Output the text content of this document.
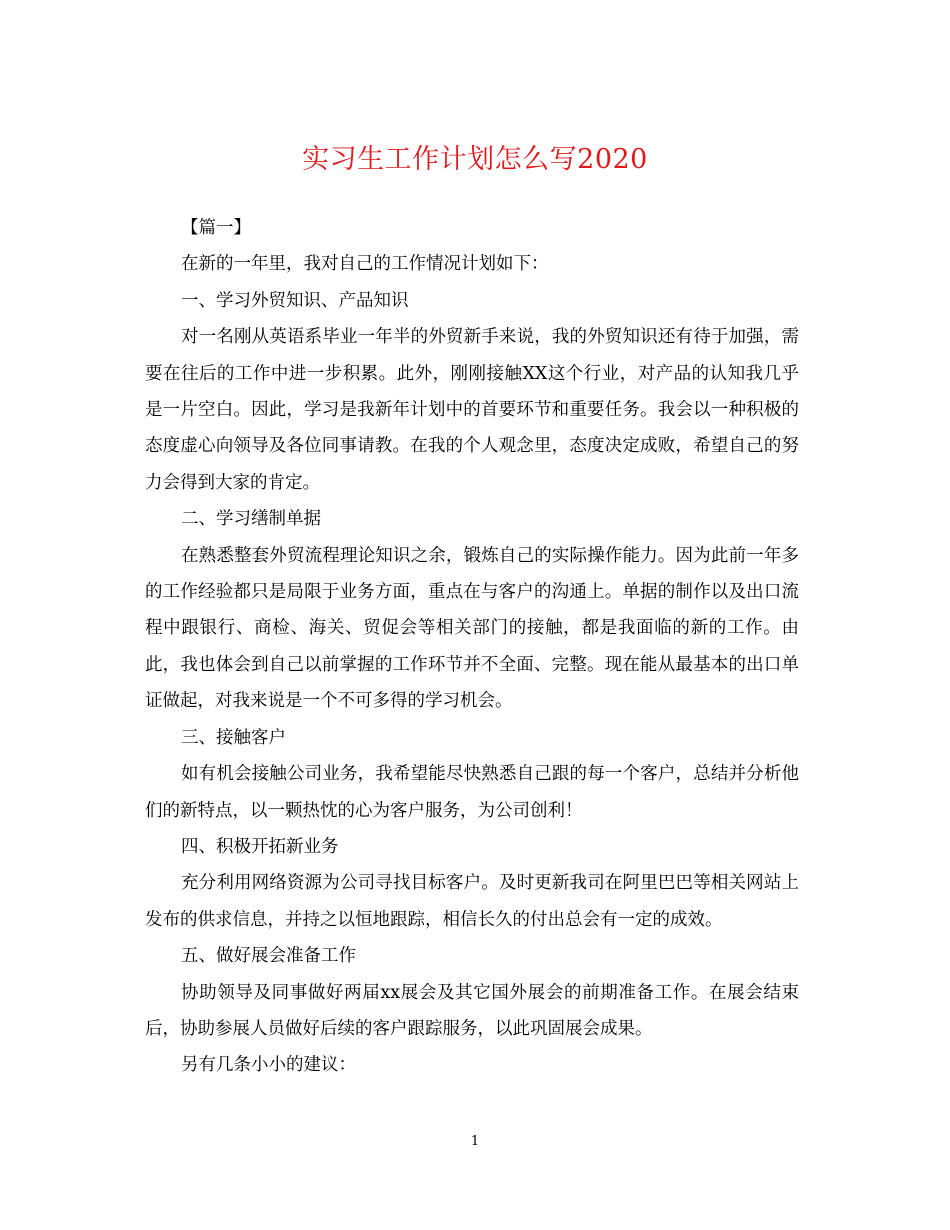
实习生工作计划怎么写2020

【篇一】

在新的一年里，我对自己的工作情况计划如下：

一、学习外贸知识、产品知识

对一名刚从英语系毕业一年半的外贸新手来说，我的外贸知识还有待于加强，需要在往后的工作中进一步积累。此外，刚刚接触XX这个行业，对产品的认知我几乎是一片空白。因此，学习是我新年计划中的首要环节和重要任务。我会以一种积极的态度虚心向领导及各位同事请教。在我的个人观念里，态度决定成败，希望自己的努力会得到大家的肯定。

二、学习缮制单据

在熟悉整套外贸流程理论知识之余，锻炼自己的实际操作能力。因为此前一年多的工作经验都只是局限于业务方面，重点在与客户的沟通上。单据的制作以及出口流程中跟银行、商检、海关、贸促会等相关部门的接触，都是我面临的新的工作。由此，我也体会到自己以前掌握的工作环节并不全面、完整。现在能从最基本的出口单证做起，对我来说是一个不可多得的学习机会。

三、接触客户

如有机会接触公司业务，我希望能尽快熟悉自己跟的每一个客户，总结并分析他们的新特点，以一颗热忱的心为客户服务，为公司创利！

四、积极开拓新业务

充分利用网络资源为公司寻找目标客户。及时更新我司在阿里巴巴等相关网站上发布的供求信息，并持之以恒地跟踪，相信长久的付出总会有一定的成效。

五、做好展会准备工作

协助领导及同事做好两届xx展会及其它国外展会的前期准备工作。在展会结束后，协助参展人员做好后续的客户跟踪服务，以此巩固展会成果。

另有几条小小的建议：

1
